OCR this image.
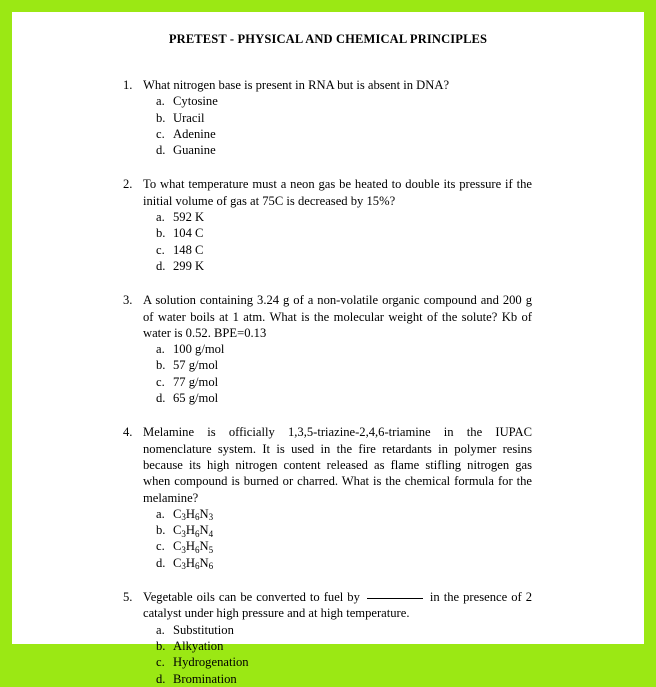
PRETEST - PHYSICAL AND CHEMICAL PRINCIPLES
1. What nitrogen base is present in RNA but is absent in DNA?
a. Cytosine
b. Uracil
c. Adenine
d. Guanine
2. To what temperature must a neon gas be heated to double its pressure if the initial volume of gas at 75C is decreased by 15%?
a. 592 K
b. 104 C
c. 148 C
d. 299 K
3. A solution containing 3.24 g of a non-volatile organic compound and 200 g of water boils at 1 atm. What is the molecular weight of the solute? Kb of water is 0.52. BPE=0.13
a. 100 g/mol
b. 57 g/mol
c. 77 g/mol
d. 65 g/mol
4. Melamine is officially 1,3,5-triazine-2,4,6-triamine in the IUPAC nomenclature system. It is used in the fire retardants in polymer resins because its high nitrogen content released as flame stifling nitrogen gas when compound is burned or charred. What is the chemical formula for the melamine?
a. $C_3H_6N_3$
b. $C_3H_6N_4$
c. $C_3H_6N_5$
d. $C_3H_6N_6$
5. Vegetable oils can be converted to fuel by	in the presence of 2 catalyst under high pressure and at high temperature.
a. Substitution
b. Alkyation
c. Hydrogenation
d. Bromination
